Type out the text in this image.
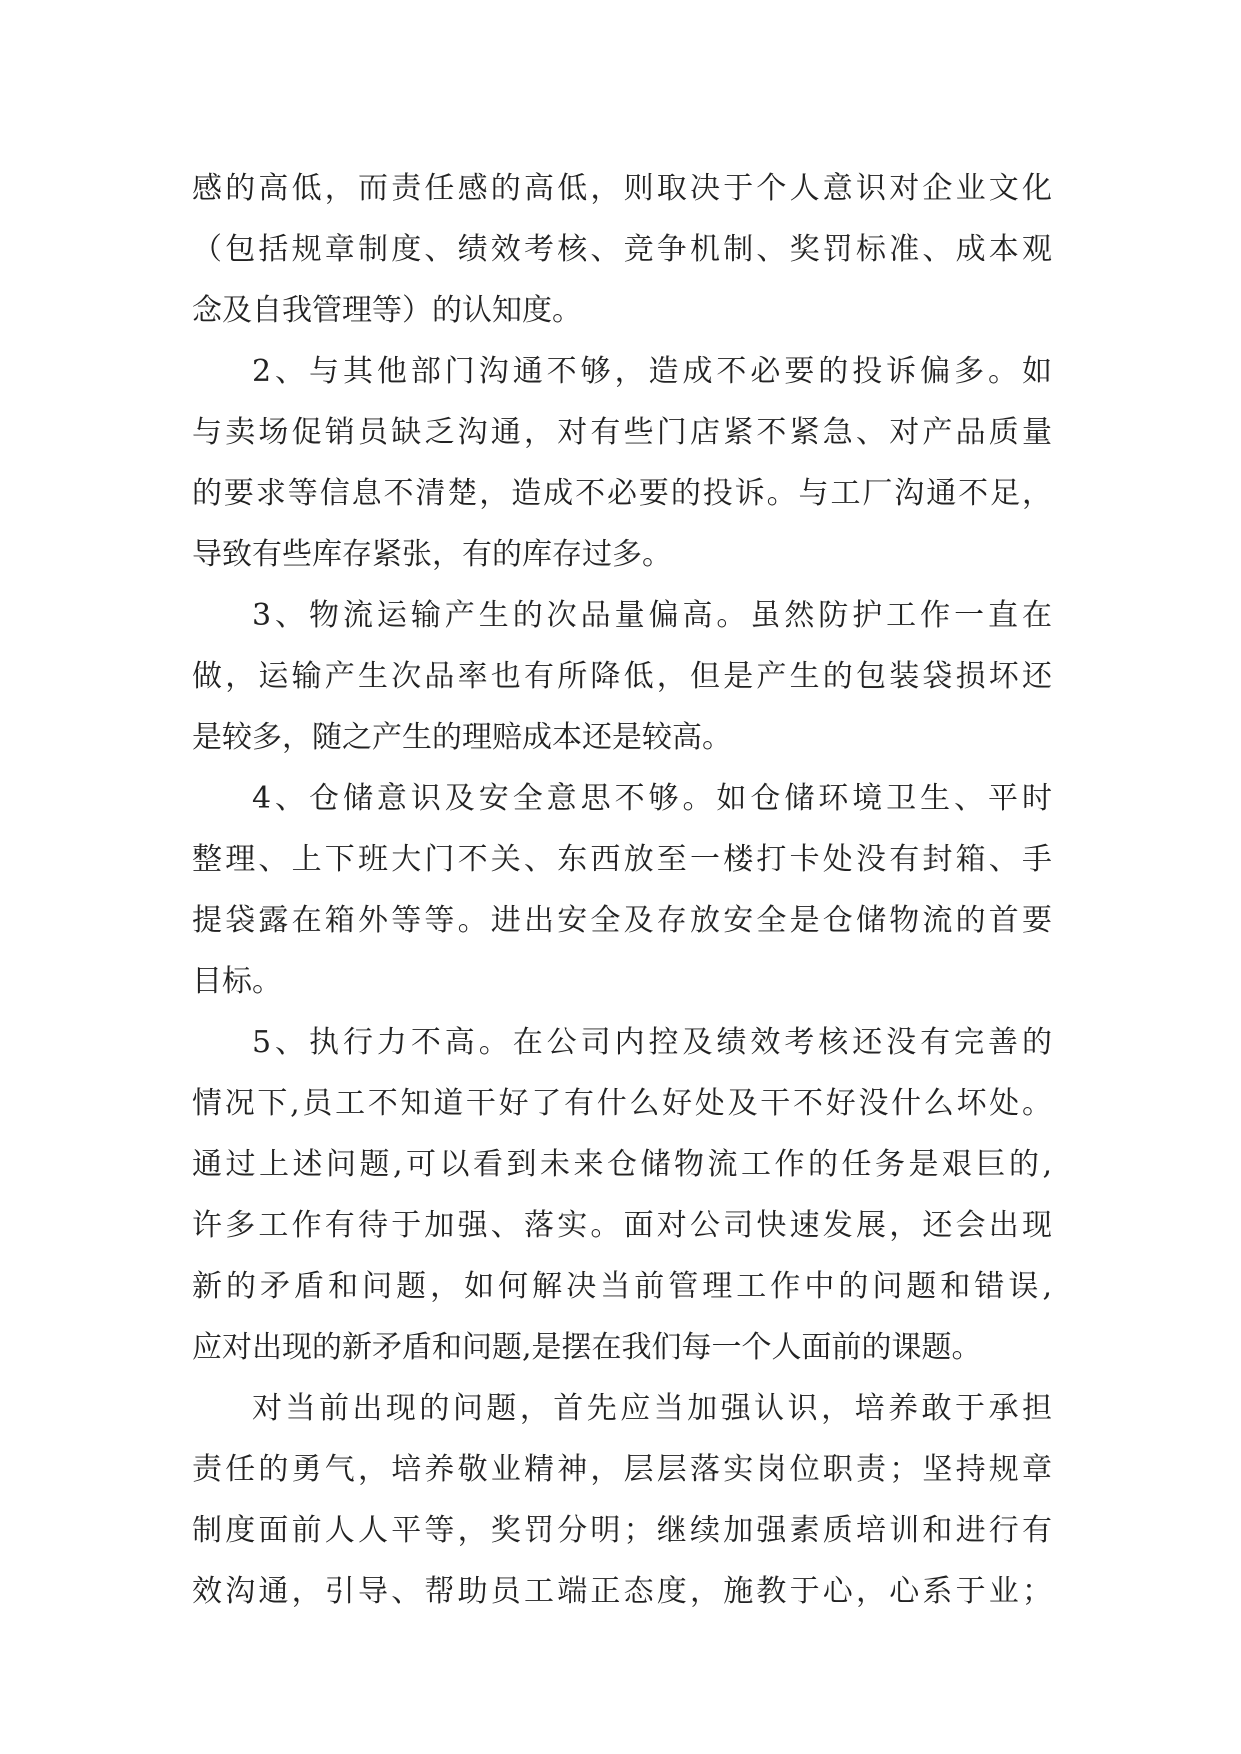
感的高低，而责任感的高低，则取决于个人意识对企业文化
（包括规章制度、绩效考核、竞争机制、奖罚标准、成本观
念及自我管理等）的认知度。
2、与其他部门沟通不够，造成不必要的投诉偏多。如
与卖场促销员缺乏沟通，对有些门店紧不紧急、对产品质量
的要求等信息不清楚，造成不必要的投诉。与工厂沟通不足，
导致有些库存紧张，有的库存过多。
3、物流运输产生的次品量偏高。虽然防护工作一直在
做，运输产生次品率也有所降低，但是产生的包装袋损坏还
是较多，随之产生的理赔成本还是较高。
4、仓储意识及安全意思不够。如仓储环境卫生、平时
整理、上下班大门不关、东西放至一楼打卡处没有封箱、手
提袋露在箱外等等。进出安全及存放安全是仓储物流的首要
目标。
5、执行力不高。在公司内控及绩效考核还没有完善的
情况下,员工不知道干好了有什么好处及干不好没什么坏处。
通过上述问题,可以看到未来仓储物流工作的任务是艰巨的,
许多工作有待于加强、落实。面对公司快速发展，还会出现
新的矛盾和问题，如何解决当前管理工作中的问题和错误,
应对出现的新矛盾和问题,是摆在我们每一个人面前的课题。
对当前出现的问题，首先应当加强认识，培养敢于承担
责任的勇气，培养敬业精神，层层落实岗位职责；坚持规章
制度面前人人平等，奖罚分明；继续加强素质培训和进行有
效沟通，引导、帮助员工端正态度，施教于心，心系于业；
